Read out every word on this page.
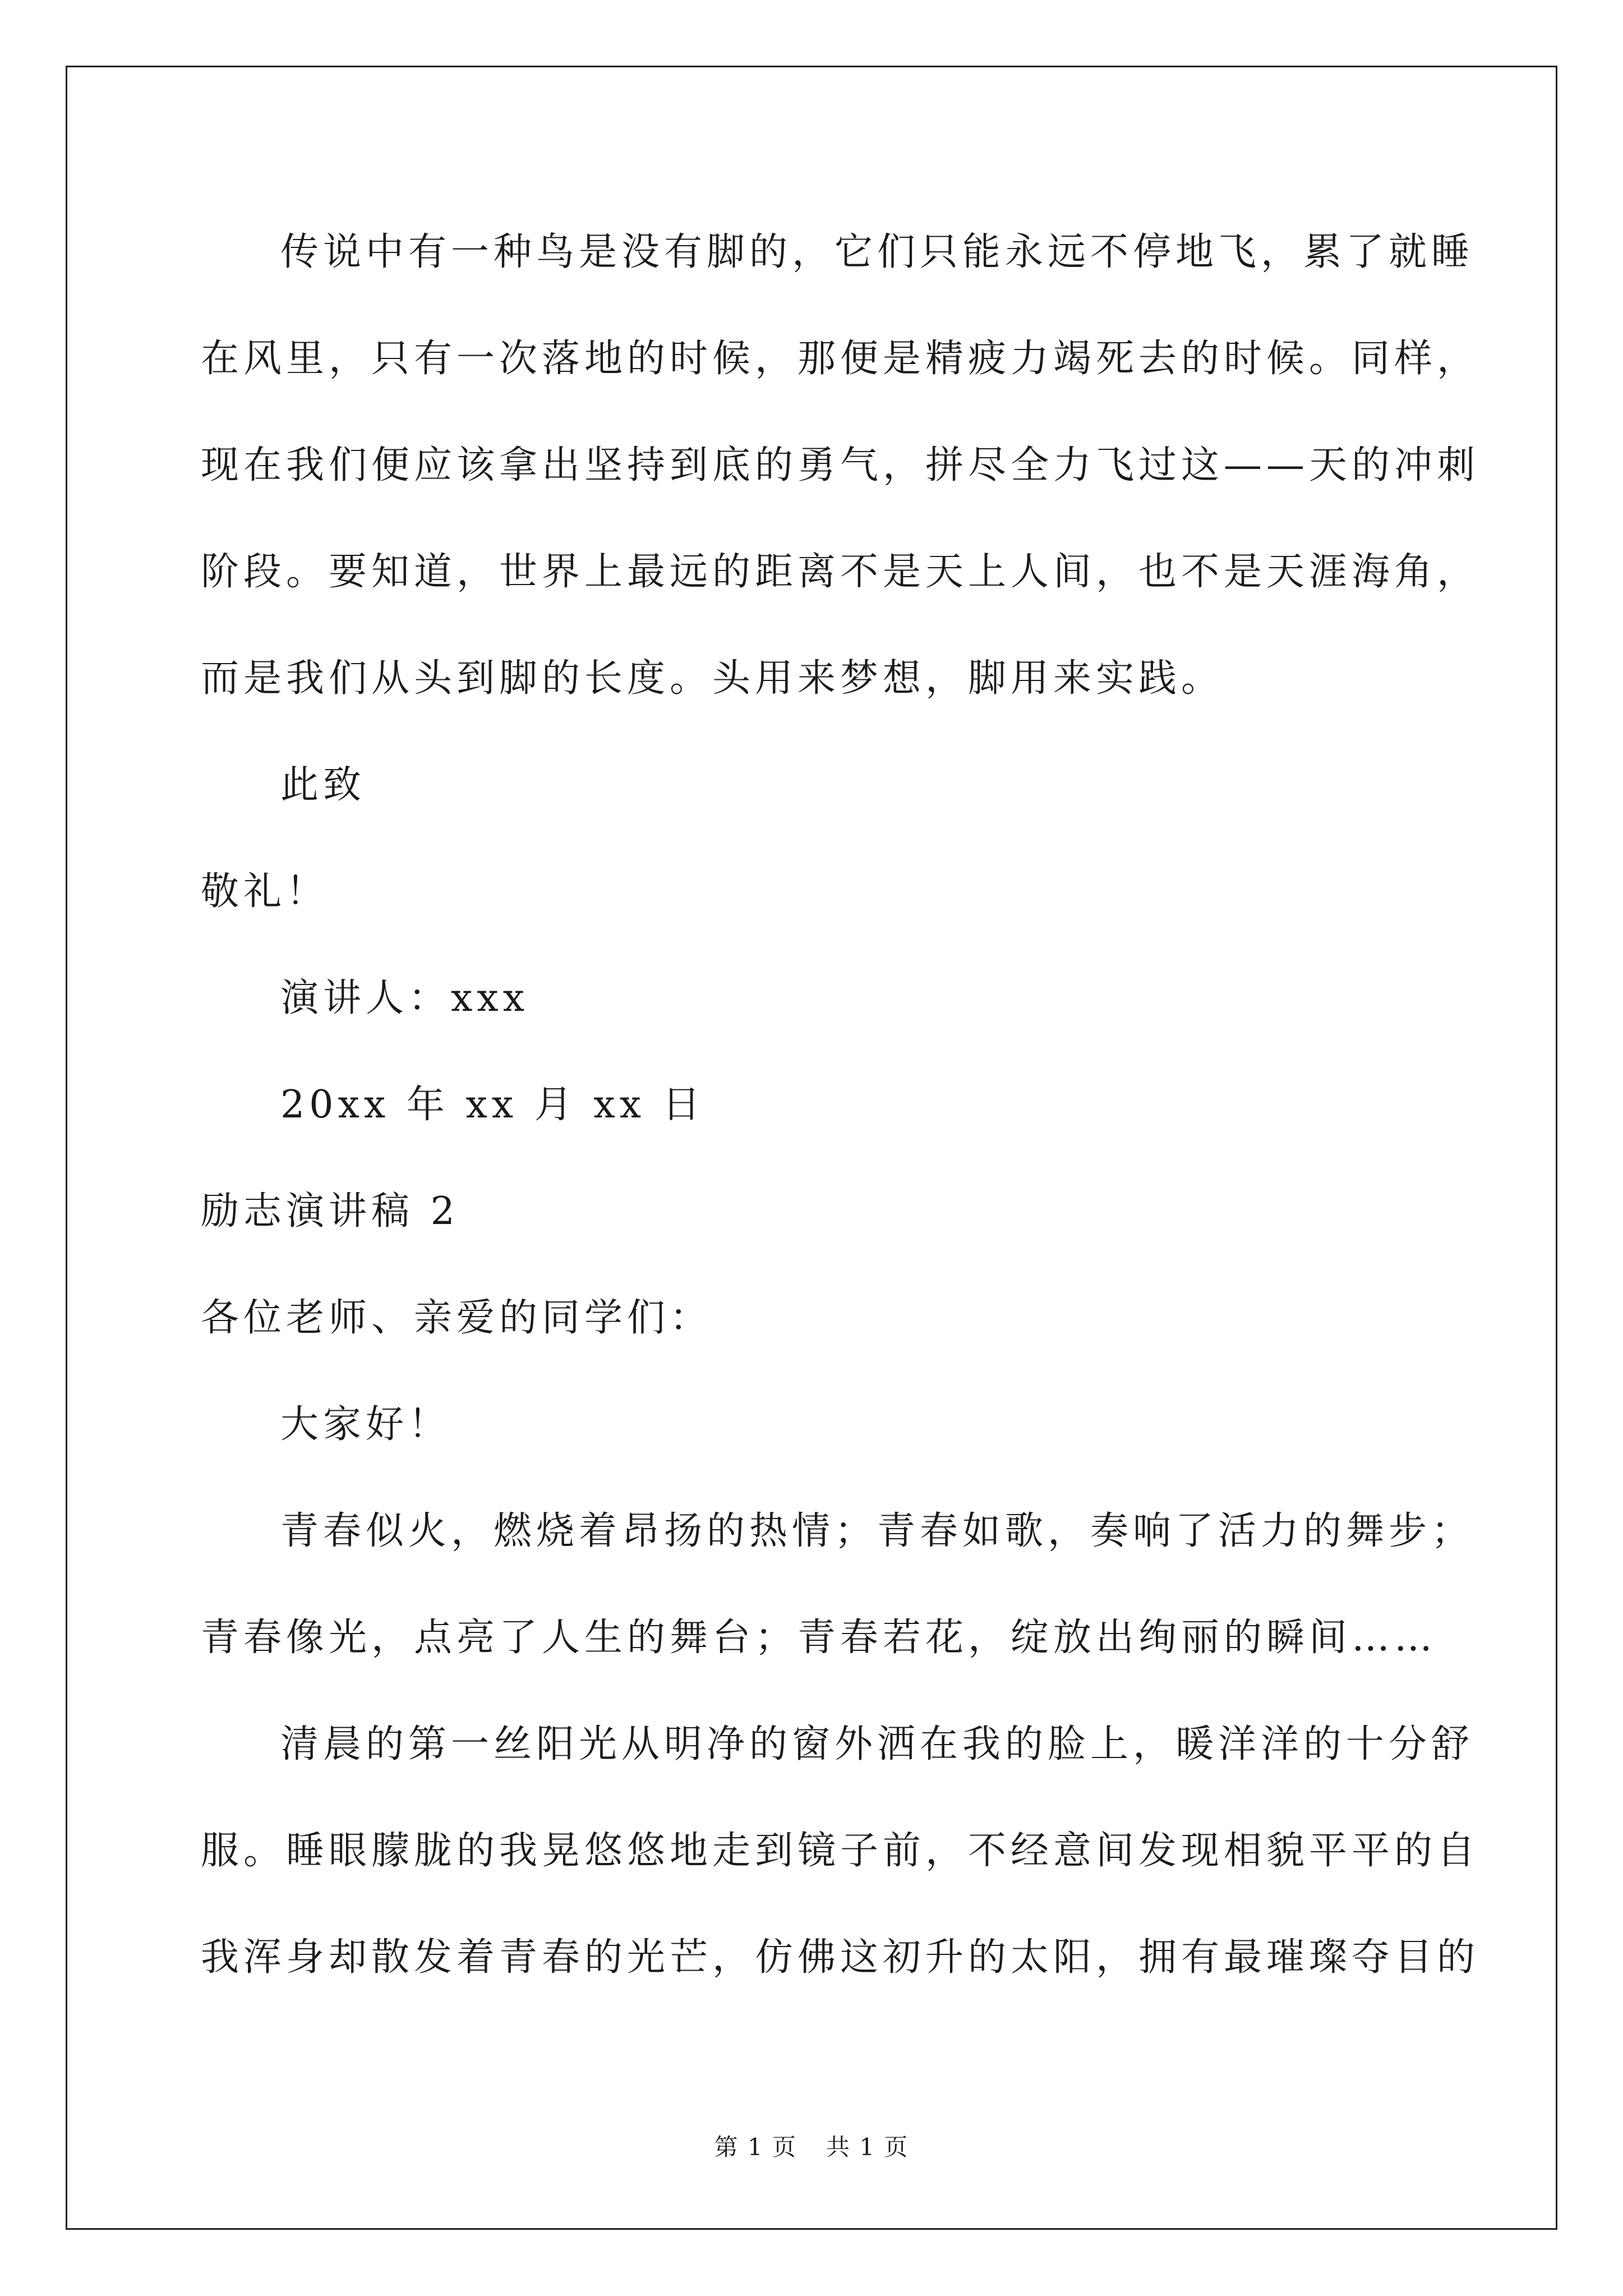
传说中有一种鸟是没有脚的，它们只能永远不停地飞，累了就睡
在风里，只有一次落地的时候，那便是精疲力竭死去的时候。同样，
现在我们便应该拿出坚持到底的勇气，拼尽全力飞过这——天的冲刺
阶段。要知道，世界上最远的距离不是天上人间，也不是天涯海角，
而是我们从头到脚的长度。头用来梦想，脚用来实践。
此致
敬礼！
演讲人：xxx
20xx 年 xx 月 xx 日
励志演讲稿 2
各位老师、亲爱的同学们：
大家好！
青春似火，燃烧着昂扬的热情；青春如歌，奏响了活力的舞步；
青春像光，点亮了人生的舞台；青春若花，绽放出绚丽的瞬间……
清晨的第一丝阳光从明净的窗外洒在我的脸上，暖洋洋的十分舒
服。睡眼朦胧的我晃悠悠地走到镜子前，不经意间发现相貌平平的自
我浑身却散发着青春的光芒，仿佛这初升的太阳，拥有最璀璨夺目的
第 1 页 共 1 页
